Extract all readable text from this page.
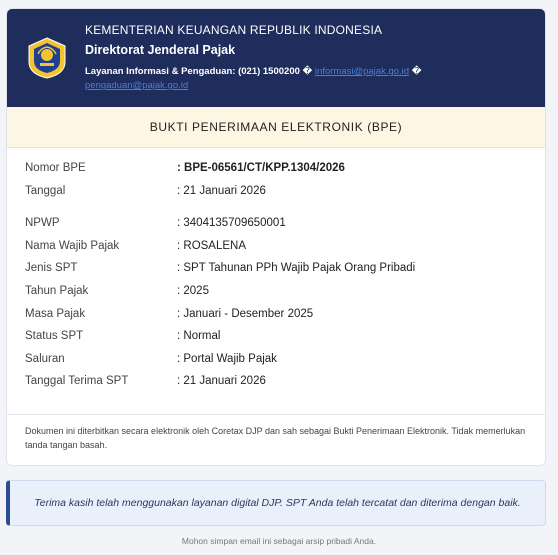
KEMENTERIAN KEUANGAN REPUBLIK INDONESIA
Direktorat Jenderal Pajak
Layanan Informasi & Pengaduan: (021) 1500200 � informasi@pajak.go.id �
pengaduan@pajak.go.id
BUKTI PENERIMAAN ELEKTRONIK (BPE)
Nomor BPE	: BPE-06561/CT/KPP.1304/2026
Tanggal	: 21 Januari 2026
NPWP	: 3404135709650001
Nama Wajib Pajak	: ROSALENA
Jenis SPT	: SPT Tahunan PPh Wajib Pajak Orang Pribadi
Tahun Pajak	: 2025
Masa Pajak	: Januari - Desember 2025
Status SPT	: Normal
Saluran	: Portal Wajib Pajak
Tanggal Terima SPT	: 21 Januari 2026
Dokumen ini diterbitkan secara elektronik oleh Coretax DJP dan sah sebagai Bukti Penerimaan Elektronik. Tidak memerlukan tanda tangan basah.
Terima kasih telah menggunakan layanan digital DJP. SPT Anda telah tercatat dan diterima dengan baik.
Mohon simpan email ini sebagai arsip pribadi Anda.
